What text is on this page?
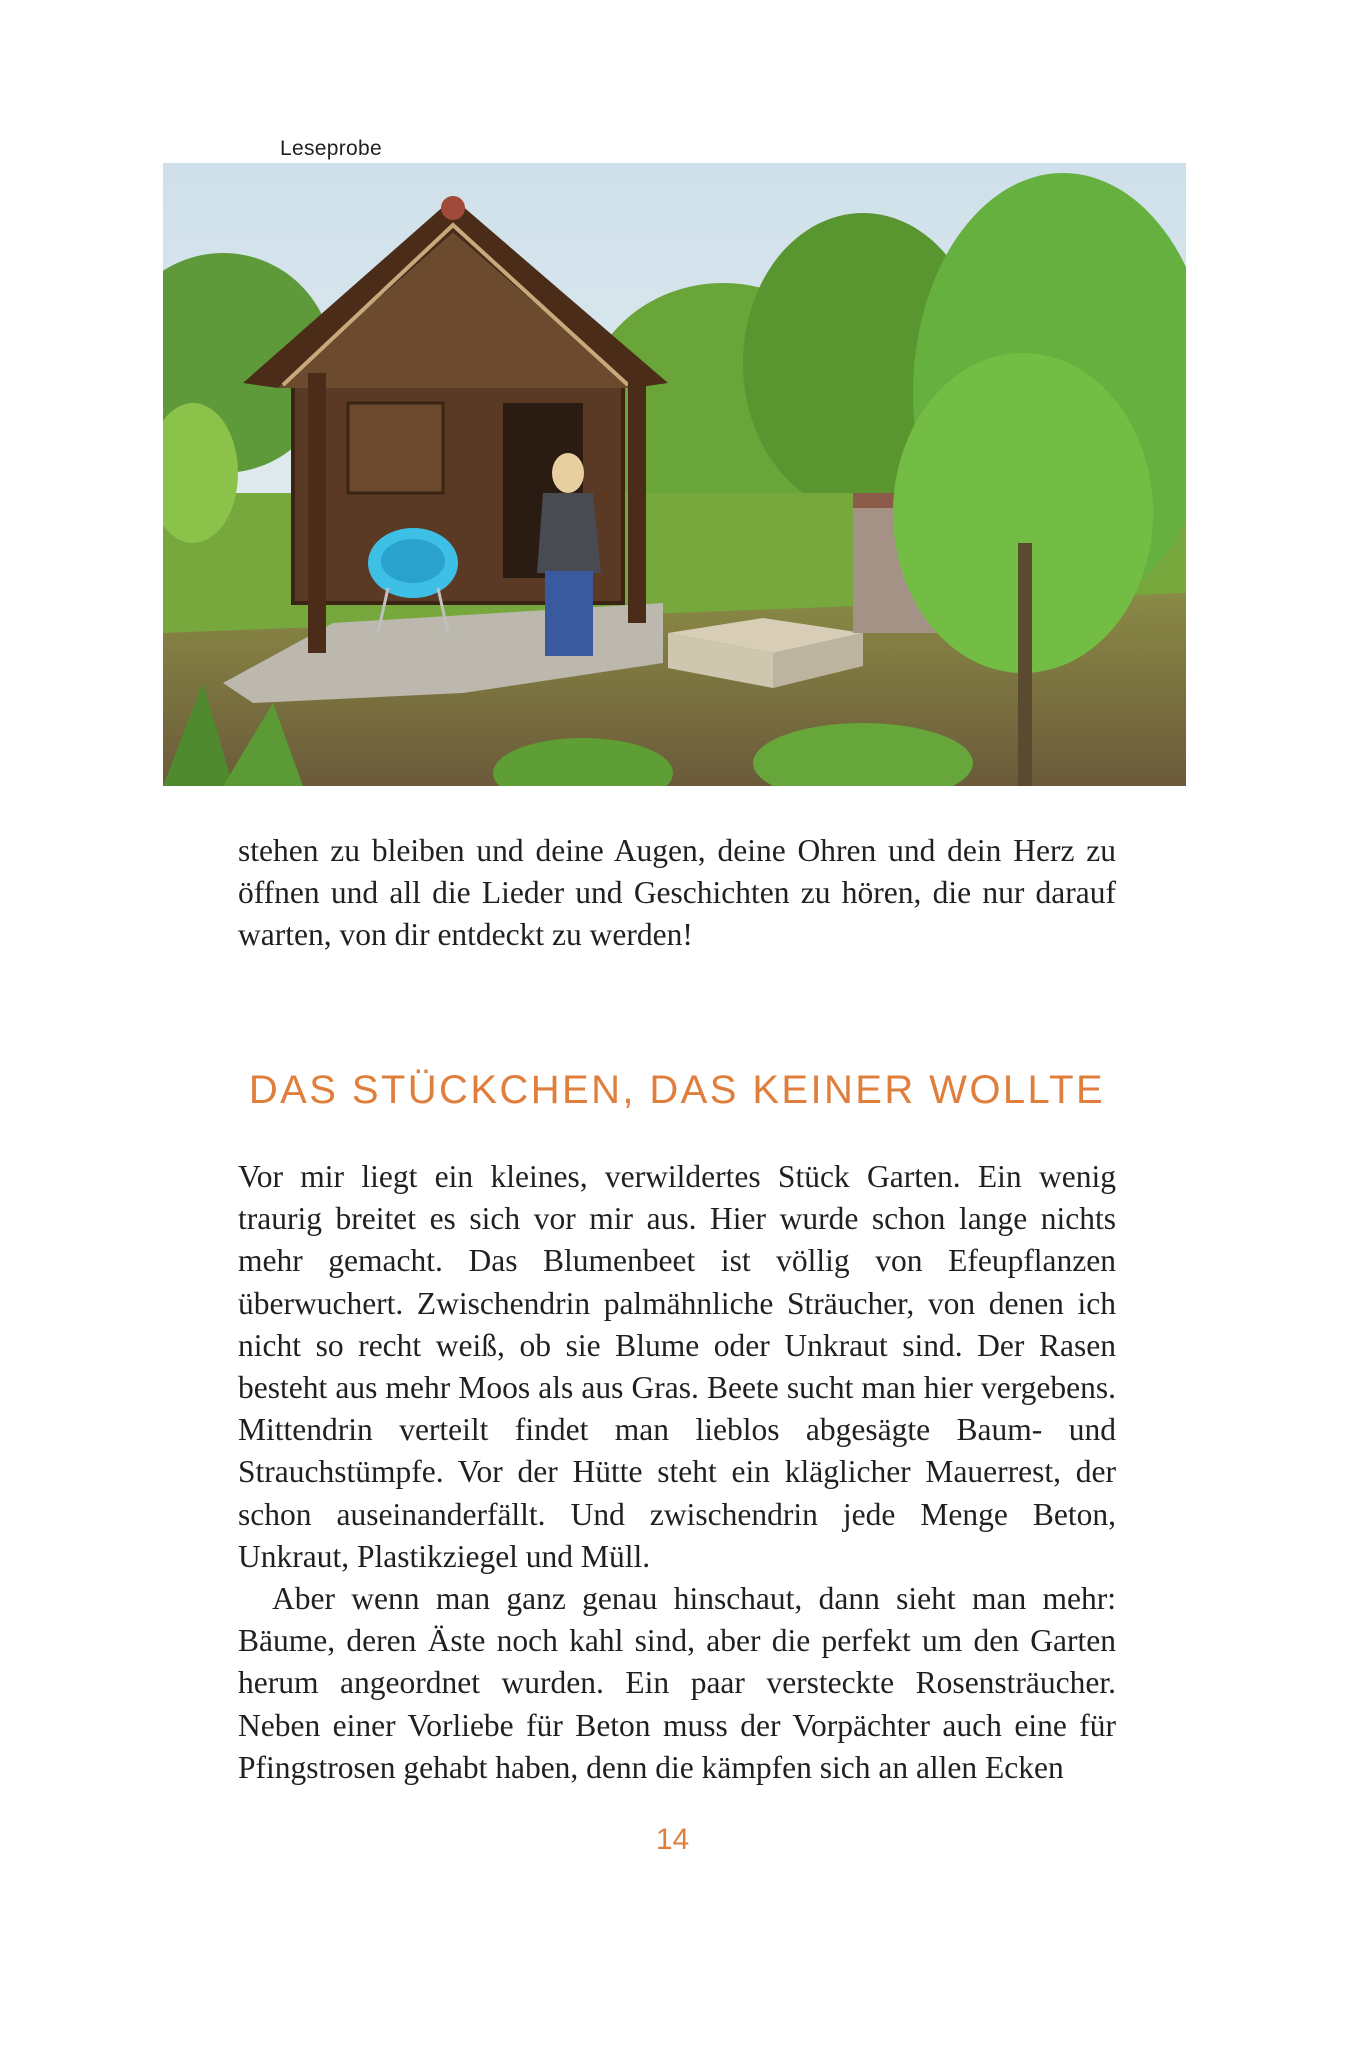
Leseprobe

stehen zu bleiben und deine Augen, deine Ohren und dein Herz zu öffnen und all die Lieder und Geschichten zu hören, die nur darauf warten, von dir entdeckt zu werden!

DAS STÜCKCHEN, DAS KEINER WOLLTE

Vor mir liegt ein kleines, verwildertes Stück Garten. Ein wenig traurig breitet es sich vor mir aus. Hier wurde schon lange nichts mehr gemacht. Das Blumenbeet ist völlig von Efeupflanzen überwuchert. Zwischendrin palmähnliche Sträucher, von denen ich nicht so recht weiß, ob sie Blume oder Unkraut sind. Der Rasen besteht aus mehr Moos als aus Gras. Beete sucht man hier vergebens. Mittendrin verteilt findet man lieblos abgesägte Baum- und Strauchstümpfe. Vor der Hütte steht ein kläglicher Mauerrest, der schon auseinanderfällt. Und zwischendrin jede Menge Beton, Unkraut, Plastikziegel und Müll.

Aber wenn man ganz genau hinschaut, dann sieht man mehr: Bäume, deren Äste noch kahl sind, aber die perfekt um den Garten herum angeordnet wurden. Ein paar versteckte Rosensträucher. Neben einer Vorliebe für Beton muss der Vorpächter auch eine für Pfingstrosen gehabt haben, denn die kämpfen sich an allen Ecken

14
